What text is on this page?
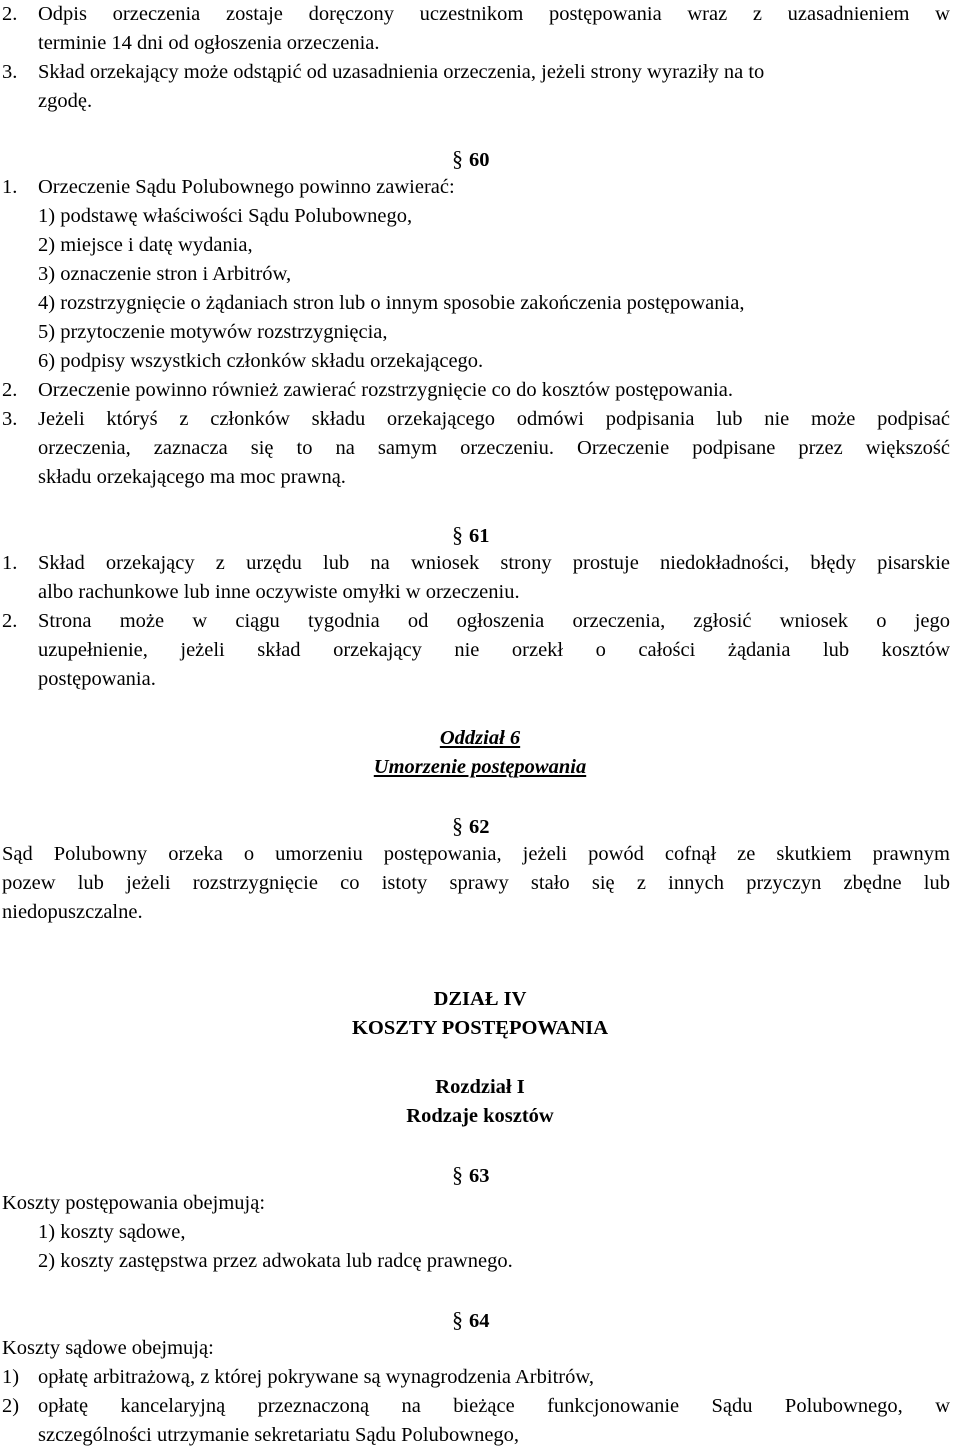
2. Odpis orzeczenia zostaje doręczony uczestnikom postępowania wraz z uzasadnieniem w
terminie 14 dni od ogłoszenia orzeczenia.
3. Skład orzekający może odstąpić od uzasadnienia orzeczenia, jeżeli strony wyraziły na to
zgodę.
§ 60
1. Orzeczenie Sądu Polubownego powinno zawierać:
1) podstawę właściwości Sądu Polubownego,
2) miejsce i datę wydania,
3) oznaczenie stron i Arbitrów,
4) rozstrzygnięcie o żądaniach stron lub o innym sposobie zakończenia postępowania,
5) przytoczenie motywów rozstrzygnięcia,
6) podpisy wszystkich członków składu orzekającego.
2. Orzeczenie powinno również zawierać rozstrzygnięcie co do kosztów postępowania.
3. Jeżeli któryś z członków składu orzekającego odmówi podpisania lub nie może podpisać
orzeczenia, zaznacza się to na samym orzeczeniu. Orzeczenie podpisane przez większość
składu orzekającego ma moc prawną.
§ 61
1. Skład orzekający z urzędu lub na wniosek strony prostuje niedokładności, błędy pisarskie
albo rachunkowe lub inne oczywiste omyłki w orzeczeniu.
2. Strona może w ciągu tygodnia od ogłoszenia orzeczenia, zgłosić wniosek o jego
uzupełnienie, jeżeli skład orzekający nie orzekł o całości żądania lub kosztów
postępowania.
Oddział 6
Umorzenie postępowania
§ 62
Sąd Polubowny orzeka o umorzeniu postępowania, jeżeli powód cofnął ze skutkiem prawnym
pozew lub jeżeli rozstrzygnięcie co istoty sprawy stało się z innych przyczyn zbędne lub
niedopuszczalne.
DZIAŁ IV
KOSZTY POSTĘPOWANIA
Rozdział I
Rodzaje kosztów
§ 63
Koszty postępowania obejmują:
1) koszty sądowe,
2) koszty zastępstwa przez adwokata lub radcę prawnego.
§ 64
Koszty sądowe obejmują:
1) opłatę arbitrażową, z której pokrywane są wynagrodzenia Arbitrów,
2) opłatę kancelaryjną przeznaczoną na bieżące funkcjonowanie Sądu Polubownego, w
szczególności utrzymanie sekretariatu Sądu Polubownego,
